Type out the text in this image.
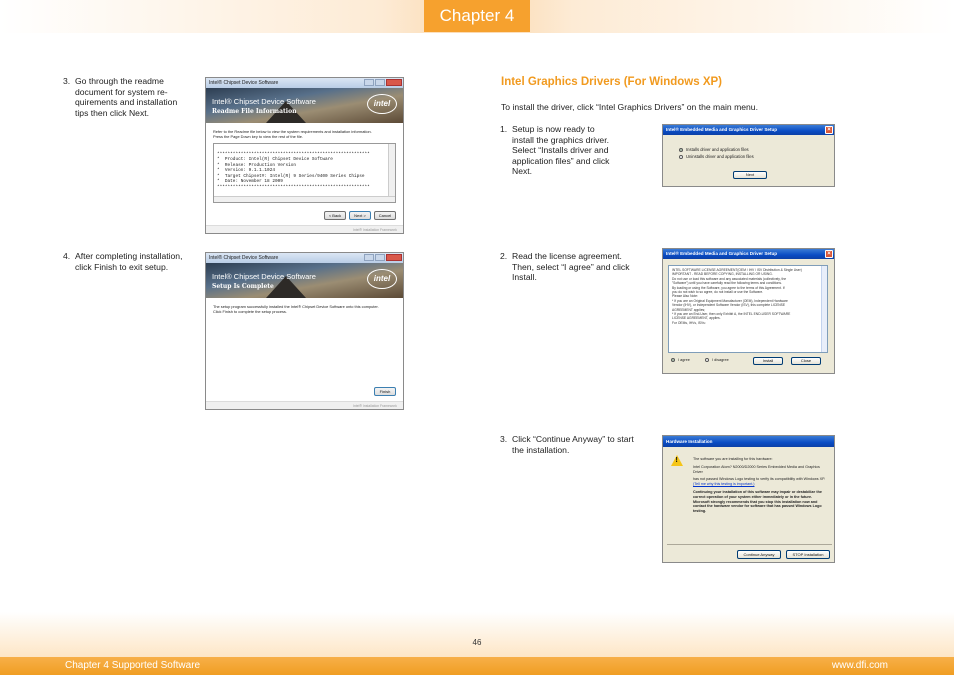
Chapter 4
46
Chapter 4 Supported Software	www.dfi.com
3. Go through the readme
document for system re-
quirements and installation
tips then click Next.
4. After completing installation,
click Finish to exit setup.
Intel Graphics Drivers (For Windows XP)
To install the driver, click “Intel Graphics Drivers” on the main menu.
1. Setup is now ready to
install the graphics driver.
Select “Installs driver and
application files” and click
Next.
2. Read the license agreement.
Then, select “I agree” and click
Install.
3. Click “Continue Anyway” to start
the installation.
Intel® Chipset Device Software
Intel® Chipset Device Software
Readme File Information
intel
Refer to the Readme file below to view the system requirements and installation information.
Press the Page Down key to view the rest of the file.

**********************************************************
*  Product: Intel(R) Chipset Device Software
*  Release: Production Version
*  Version: 9.1.1.1024
*  Target Chipset#: Intel(R) 9 Series/9400 Series Chipse
*  Date: November 18 2009
**********************************************************

< Back	Next >	Cancel
Intel® Installation Framework
Intel® Chipset Device Software
Intel® Chipset Device Software
Setup Is Complete
intel
The setup program successfully installed the Intel® Chipset Device Software onto this computer.
Click Finish to complete the setup process.
Finish
Intel® Installation Framework
Intel® Embedded Media and Graphics Driver Setup	×
Installs driver and application files
Uninstalls driver and application files
Next
Intel® Embedded Media and Graphics Driver Setup	×
INTEL SOFTWARE LICENSE AGREEMENT(OEM / IHV / ISV Distribution & Single User)
IMPORTANT - READ BEFORE COPYING, INSTALLING OR USING.
Do not use or load this software and any associated materials (collectively, the
"Software") until you have carefully read the following terms and conditions.
By loading or using the Software, you agree to the terms of this Agreement. If
you do not wish to so agree, do not install or use the Software.
Please Also Note:
* If you are an Original Equipment Manufacturer (OEM), Independent Hardware
Vendor (IHV), or Independent Software Vendor (ISV), this complete LICENSE
AGREEMENT applies;
* If you are an End-User, then only Exhibit A, the INTEL END-USER SOFTWARE
LICENSE AGREEMENT, applies.
For OEMs, IHVs, ISVs:
I agree	I disagree	Install	Close
Hardware Installation
!	The software you are installing for this hardware:
Intel Corporation Atom? N2000/D2000 Series Embedded Media and Graphics Driver
has not passed Windows Logo testing to verify its compatibility with Windows XP. (Tell me why this testing is important.)
Continuing your installation of this software may impair or destabilize the correct operation of your system either immediately or in the future. Microsoft strongly recommends that you stop this installation now and contact the hardware vendor for software that has passed Windows Logo testing.
Continue Anyway	STOP Installation
